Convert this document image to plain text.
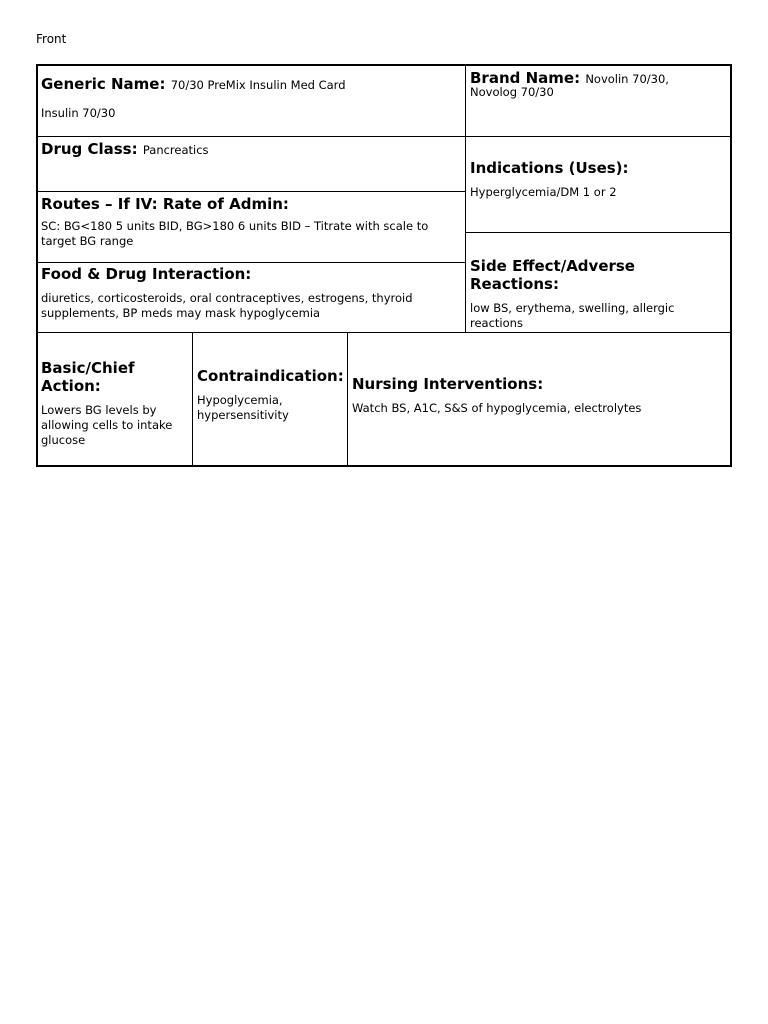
Front
Generic Name: 70/30 PreMix Insulin Med Card
Insulin 70/30
Brand Name: Novolin 70/30,
Novolog 70/30
Drug Class: Pancreatics
Indications (Uses):
Hyperglycemia/DM 1 or 2
Routes – If IV: Rate of Admin:
SC: BG<180 5 units BID, BG>180 6 units BID – Titrate with scale to target BG range
Food & Drug Interaction:
diuretics, corticosteroids, oral contraceptives, estrogens, thyroid supplements, BP meds may mask hypoglycemia
Side Effect/Adverse Reactions:
low BS, erythema, swelling, allergic reactions
Basic/Chief Action:
Lowers BG levels by allowing cells to intake glucose
Contraindication:
Hypoglycemia, hypersensitivity
Nursing Interventions:
Watch BS, A1C, S&S of hypoglycemia, electrolytes
